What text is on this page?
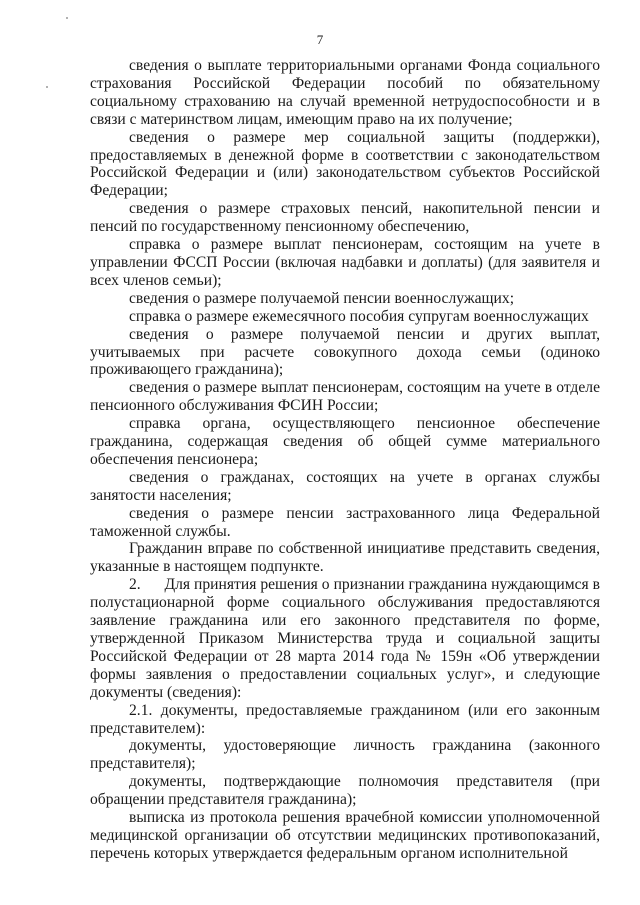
7

сведения о выплате территориальными органами Фонда социального страхования Российской Федерации пособий по обязательному социальному страхованию на случай временной нетрудоспособности и в связи с материнством лицам, имеющим право на их получение;

сведения о размере мер социальной защиты (поддержки), предоставляемых в денежной форме в соответствии с законодательством Российской Федерации и (или) законодательством субъектов Российской Федерации;

сведения о размере страховых пенсий, накопительной пенсии и пенсий по государственному пенсионному обеспечению,

справка о размере выплат пенсионерам, состоящим на учете в управлении ФССП России (включая надбавки и доплаты) (для заявителя и всех членов семьи);

сведения о размере получаемой пенсии военнослужащих;

справка о размере ежемесячного пособия супругам военнослужащих

сведения о размере получаемой пенсии и других выплат, учитываемых при расчете совокупного дохода семьи (одиноко проживающего гражданина);

сведения о размере выплат пенсионерам, состоящим на учете в отделе пенсионного обслуживания ФСИН России;

справка органа, осуществляющего пенсионное обеспечение гражданина, содержащая сведения об общей сумме материального обеспечения пенсионера;

сведения о гражданах, состоящих на учете в органах службы занятости населения;

сведения о размере пенсии застрахованного лица Федеральной таможенной службы.

Гражданин вправе по собственной инициативе представить сведения, указанные в настоящем подпункте.

2.      Для принятия решения о признании гражданина нуждающимся в полустационарной форме социального обслуживания предоставляются заявление гражданина или его законного представителя по форме, утвержденной Приказом Министерства труда и социальной защиты Российской Федерации от 28 марта 2014 года № 159н «Об утверждении формы заявления о предоставлении социальных услуг», и следующие документы (сведения):

2.1. документы, предоставляемые гражданином (или его законным представителем):

документы, удостоверяющие личность гражданина (законного представителя);

документы, подтверждающие полномочия представителя (при обращении представителя гражданина);

выписка из протокола решения врачебной комиссии уполномоченной медицинской организации об отсутствии медицинских противопоказаний, перечень которых утверждается федеральным органом исполнительной
